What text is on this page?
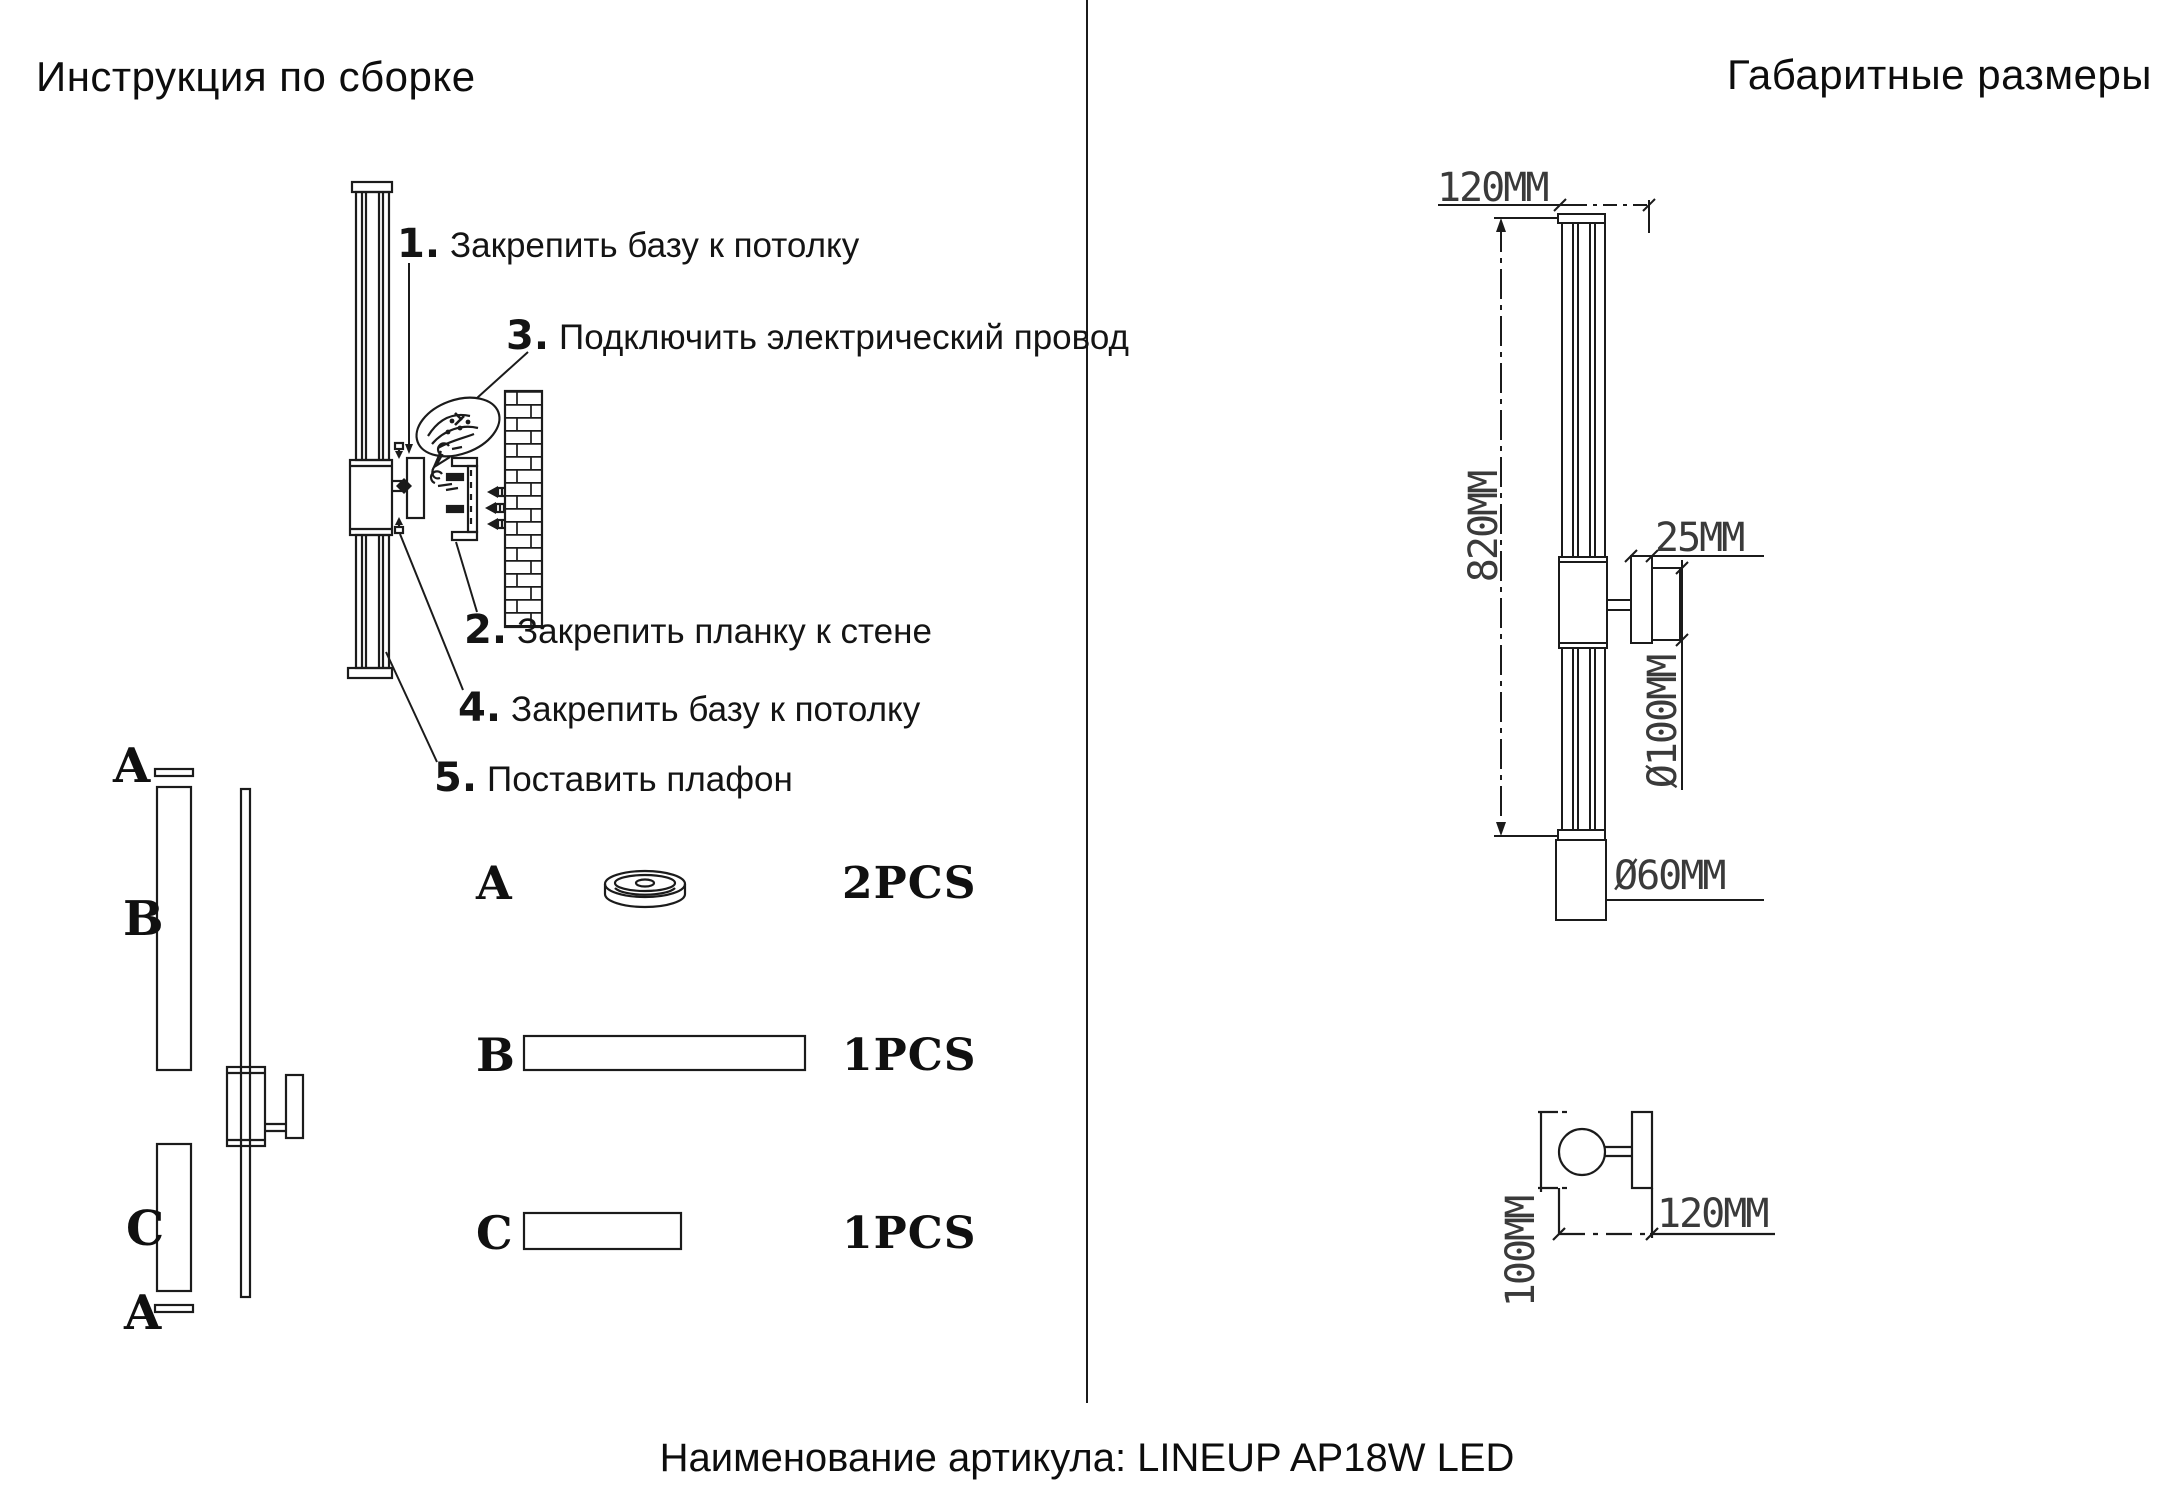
Инструкция по сборке	Габаритные размеры
1. Закрепить базу к потолку
3. Подключить электрический провод
2. Закрепить планку к стене
4. Закрепить базу к потолку
5. Поставить плафон
A
B
C
A
A	2PCS
B	1PCS
C	1PCS
120MM
820MM	25MM
Ø100MM
Ø60MM
100MM	120MM
Наименование артикула: LINEUP AP18W LED
